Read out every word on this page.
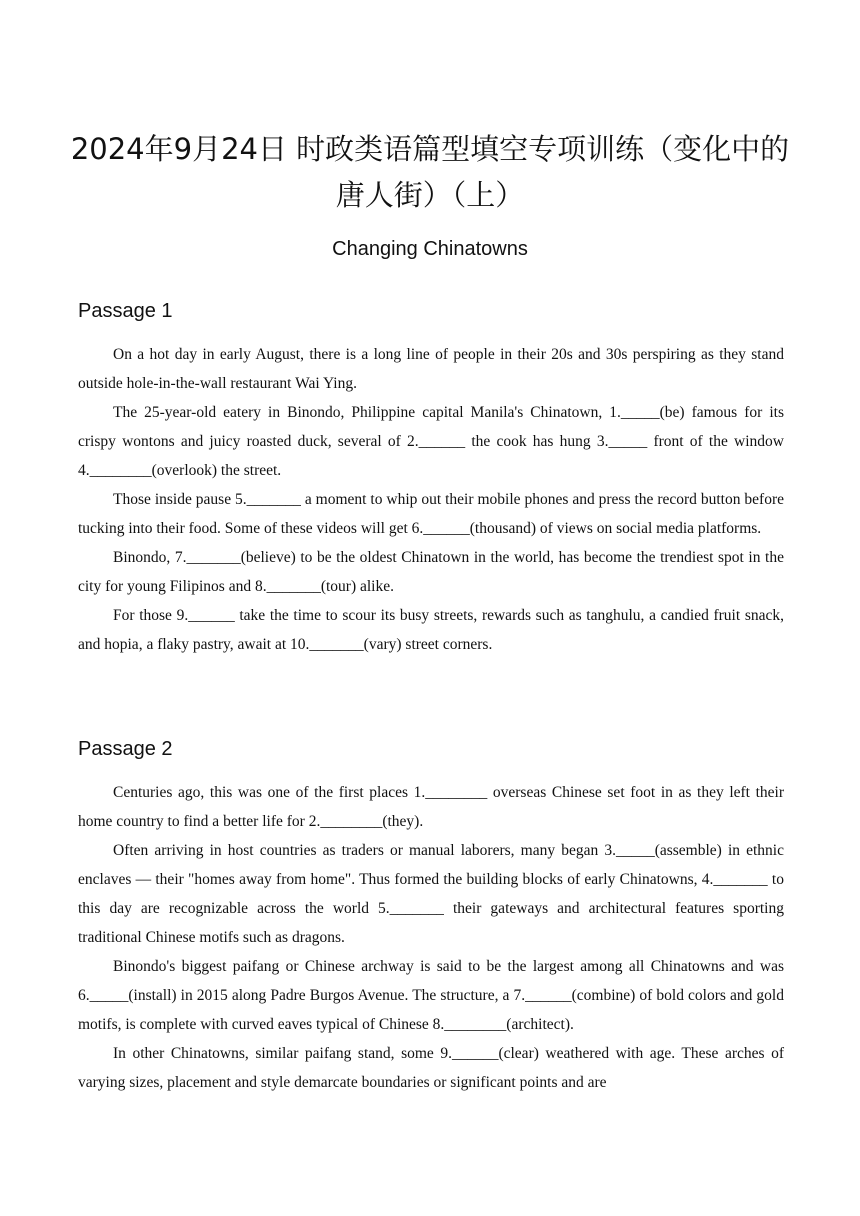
2024年9月24日 时政类语篇型填空专项训练（变化中的唐人街）（上）
Changing Chinatowns
Passage 1

On a hot day in early August, there is a long line of people in their 20s and 30s perspiring as they stand outside hole-in-the-wall restaurant Wai Ying.

The 25-year-old eatery in Binondo, Philippine capital Manila's Chinatown, 1._____(be) famous for its crispy wontons and juicy roasted duck, several of 2.______ the cook has hung 3._____ front of the window 4.________(overlook) the street.

Those inside pause 5._______ a moment to whip out their mobile phones and press the record button before tucking into their food. Some of these videos will get 6.______(thousand) of views on social media platforms.

Binondo, 7._______(believe) to be the oldest Chinatown in the world, has become the trendiest spot in the city for young Filipinos and 8._______(tour) alike.

For those 9.______ take the time to scour its busy streets, rewards such as tanghulu, a candied fruit snack, and hopia, a flaky pastry, await at 10._______(vary) street corners.

Passage 2

Centuries ago, this was one of the first places 1.________ overseas Chinese set foot in as they left their home country to find a better life for 2.________(they).

Often arriving in host countries as traders or manual laborers, many began 3._____(assemble) in ethnic enclaves — their "homes away from home". Thus formed the building blocks of early Chinatowns, 4._______ to this day are recognizable across the world 5._______ their gateways and architectural features sporting traditional Chinese motifs such as dragons.

Binondo's biggest paifang or Chinese archway is said to be the largest among all Chinatowns and was 6._____(install) in 2015 along Padre Burgos Avenue. The structure, a 7.______(combine) of bold colors and gold motifs, is complete with curved eaves typical of Chinese 8.________(architect).

In other Chinatowns, similar paifang stand, some 9.______(clear) weathered with age. These arches of varying sizes, placement and style demarcate boundaries or significant points and are
